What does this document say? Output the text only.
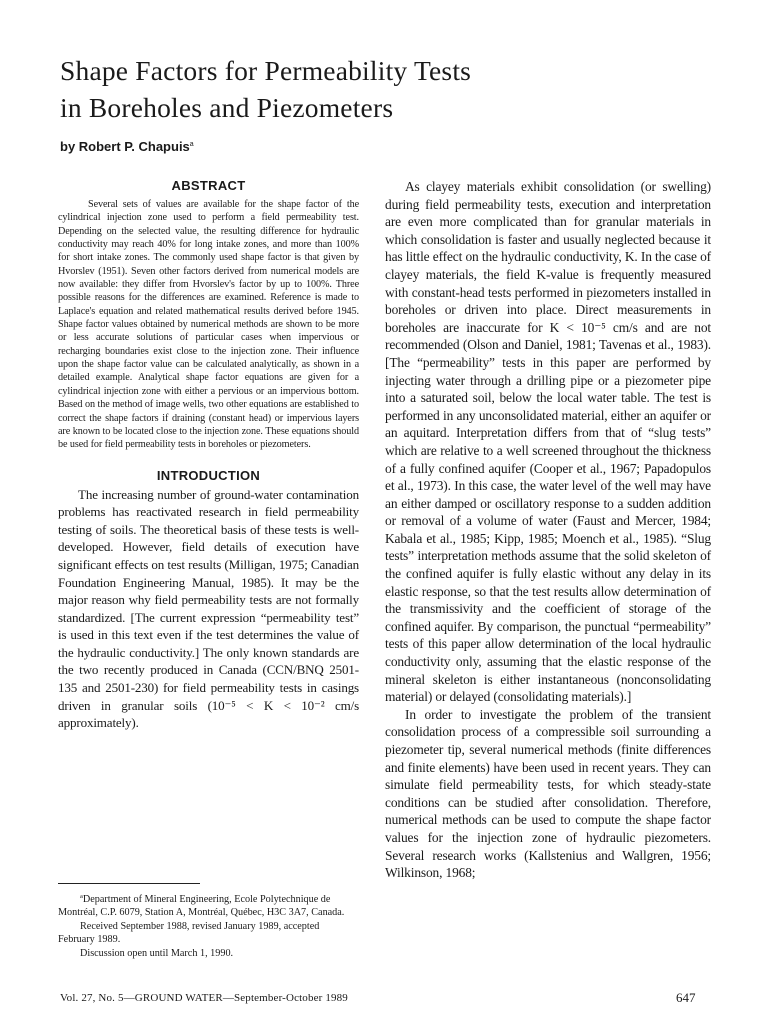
Shape Factors for Permeability Tests
in Boreholes and Piezometers
by Robert P. Chapuis$^a$
ABSTRACT

Several sets of values are available for the shape factor of the cylindrical injection zone used to perform a field permeability test. Depending on the selected value, the resulting difference for hydraulic conductivity may reach 40% for long intake zones, and more than 100% for short intake zones. The commonly used shape factor is that given by Hvorslev (1951). Seven other factors derived from numerical models are now available: they differ from Hvorslev's factor by up to 100%. Three possible reasons for the differences are examined. Reference is made to Laplace's equation and related mathematical results derived before 1945. Shape factor values obtained by numerical methods are shown to be more or less accurate solutions of particular cases when impervious or recharging boundaries exist close to the injection zone. Their influence upon the shape factor value can be calculated analytically, as shown in a detailed example. Analytical shape factor equations are given for a cylindrical injection zone with either a pervious or an impervious bottom. Based on the method of image wells, two other equations are established to correct the shape factors if draining (constant head) or impervious layers are known to be located close to the injection zone. These equations should be used for field permeability tests in boreholes or piezometers.

INTRODUCTION

The increasing number of ground-water contamination problems has reactivated research in field permeability testing of soils. The theoretical basis of these tests is well-developed. However, field details of execution have significant effects on test results (Milligan, 1975; Canadian Foundation Engineering Manual, 1985). It may be the major reason why field permeability tests are not formally standardized. [The current expression “permeability test” is used in this text even if the test determines the value of the hydraulic conductivity.] The only known standards are the two recently produced in Canada (CCN/BNQ 2501-135 and 2501-230) for field permeability tests in casings driven in granular soils (10⁻⁵ < K < 10⁻² cm/s approximately).

As clayey materials exhibit consolidation (or swelling) during field permeability tests, execution and interpretation are even more complicated than for granular materials in which consolidation is faster and usually neglected because it has little effect on the hydraulic conductivity, K. In the case of clayey materials, the field K-value is frequently measured with constant-head tests performed in piezometers installed in boreholes or driven into place. Direct measurements in boreholes are inaccurate for K < 10⁻⁵ cm/s and are not recommended (Olson and Daniel, 1981; Tavenas et al., 1983). [The “permeability” tests in this paper are performed by injecting water through a drilling pipe or a piezometer pipe into a saturated soil, below the local water table. The test is performed in any unconsolidated material, either an aquifer or an aquitard. Interpretation differs from that of “slug tests” which are relative to a well screened throughout the thickness of a fully confined aquifer (Cooper et al., 1967; Papadopulos et al., 1973). In this case, the water level of the well may have an either damped or oscillatory response to a sudden addition or removal of a volume of water (Faust and Mercer, 1984; Kabala et al., 1985; Kipp, 1985; Moench et al., 1985). “Slug tests” interpretation methods assume that the solid skeleton of the confined aquifer is fully elastic without any delay in its elastic response, so that the test results allow determination of the transmissivity and the coefficient of storage of the confined aquifer. By comparison, the punctual “permeability” tests of this paper allow determination of the local hydraulic conductivity only, assuming that the elastic response of the mineral skeleton is either instantaneous (nonconsolidating material) or delayed (consolidating materials).]

In order to investigate the problem of the transient consolidation process of a compressible soil surrounding a piezometer tip, several numerical methods (finite differences and finite elements) have been used in recent years. They can simulate field permeability tests, for which steady-state conditions can be studied after consolidation. Therefore, numerical methods can be used to compute the shape factor values for the injection zone of hydraulic piezometers. Several research works (Kallstenius and Wallgren, 1956; Wilkinson, 1968;

$^a$Department of Mineral Engineering, Ecole Polytechnique de Montréal, C.P. 6079, Station A, Montréal, Québec, H3C 3A7, Canada.

Received September 1988, revised January 1989, accepted February 1989.

Discussion open until March 1, 1990.

Vol. 27, No. 5—GROUND WATER—September-October 1989	647
